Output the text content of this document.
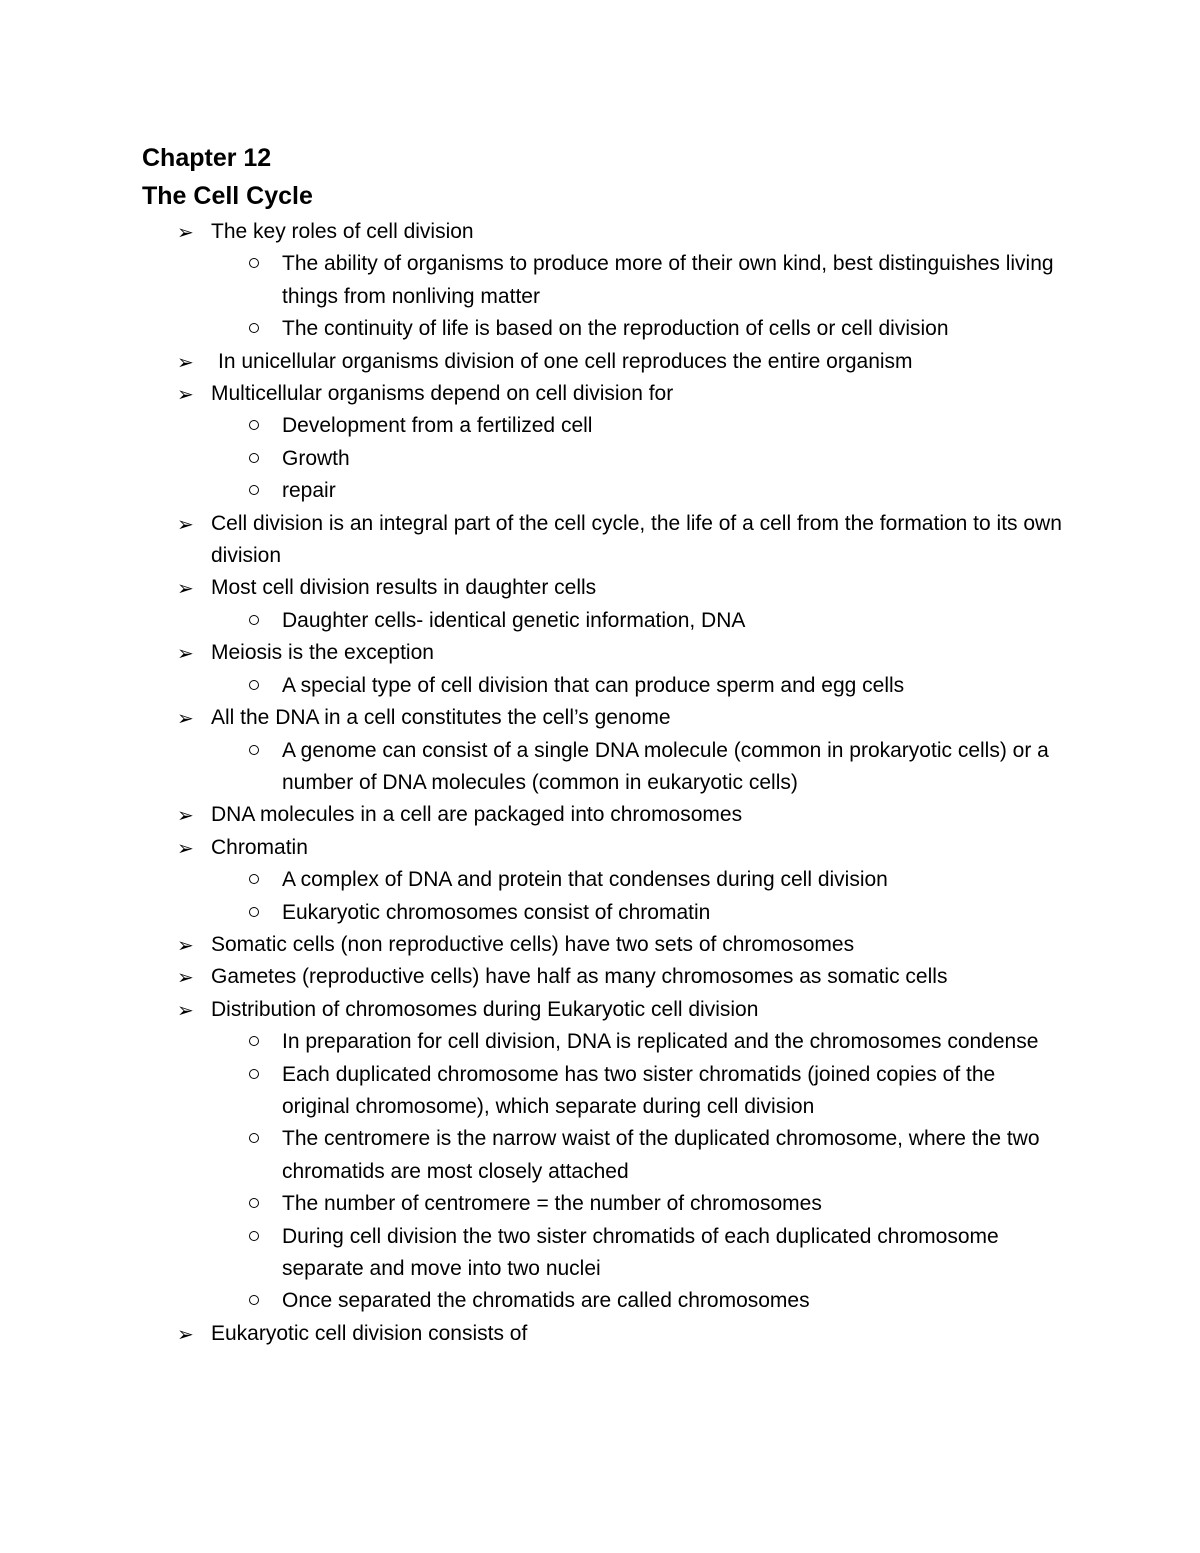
Chapter 12
The Cell Cycle
➢ The key roles of cell division
The ability of organisms to produce more of their own kind, best distinguishes living things from nonliving matter
The continuity of life is based on the reproduction of cells or cell division
➢ In unicellular organisms division of one cell reproduces the entire organism
➢ Multicellular organisms depend on cell division for
Development from a fertilized cell
Growth
repair
➢ Cell division is an integral part of the cell cycle, the life of a cell from the formation to its own division
➢ Most cell division results in daughter cells
Daughter cells- identical genetic information, DNA
➢ Meiosis is the exception
A special type of cell division that can produce sperm and egg cells
➢ All the DNA in a cell constitutes the cell’s genome
A genome can consist of a single DNA molecule (common in prokaryotic cells) or a number of DNA molecules (common in eukaryotic cells)
➢ DNA molecules in a cell are packaged into chromosomes
➢ Chromatin
A complex of DNA and protein that condenses during cell division
Eukaryotic chromosomes consist of chromatin
➢ Somatic cells (non reproductive cells) have two sets of chromosomes
➢ Gametes (reproductive cells) have half as many chromosomes as somatic cells
➢ Distribution of chromosomes during Eukaryotic cell division
In preparation for cell division, DNA is replicated and the chromosomes condense
Each duplicated chromosome has two sister chromatids (joined copies of the original chromosome), which separate during cell division
The centromere is the narrow waist of the duplicated chromosome, where the two chromatids are most closely attached
The number of centromere = the number of chromosomes
During cell division the two sister chromatids of each duplicated chromosome separate and move into two nuclei
Once separated the chromatids are called chromosomes
➢ Eukaryotic cell division consists of
